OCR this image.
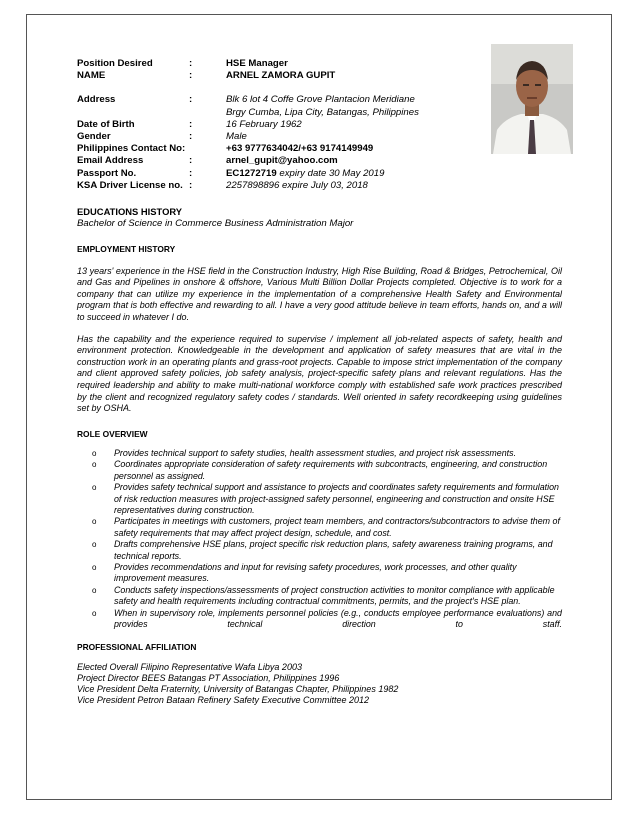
Position Desired	:	HSE Manager
NAME	:	ARNEL ZAMORA GUPIT
Address	:	Blk 6 lot 4 Coffe Grove Plantacion Meridiane
Brgy Cumba, Lipa City, Batangas, Philippines
Date of Birth	:	16 February 1962
Gender	:	Male
Philippines Contact No:	+63 9777634042/+63 9174149949
Email Address	:	arnel_gupit@yahoo.com
Passport No.	:	EC1272719 expiry date 30 May 2019
KSA Driver License no. :	2257898896 expire July 03, 2018
EDUCATIONS HISTORY
Bachelor of Science in Commerce Business Administration Major
EMPLOYMENT HISTORY
13 years' experience in the HSE field in the Construction Industry, High Rise Building, Road & Bridges, Petrochemical, Oil and Gas and Pipelines in onshore & offshore, Various Multi Billion Dollar Projects completed. Objective is to work for a company that can utilize my experience in the implementation of a comprehensive Health Safety and Environmental program that is both effective and rewarding to all. I have a very good attitude believe in team efforts, hands on, and a will to succeed in whatever I do.
Has the capability and the experience required to supervise / implement all job-related aspects of safety, health and environment protection. Knowledgeable in the development and application of safety measures that are vital in the construction work in an operating plants and grass-root projects. Capable to impose strict implementation of the company and client approved safety policies, job safety analysis, project-specific safety plans and relevant regulations. Has the required leadership and ability to make multi-national workforce comply with established safe work practices prescribed by the client and recognized regulatory safety codes / standards. Well oriented in safety recordkeeping using guidelines set by OSHA.
ROLE OVERVIEW
o Provides technical support to safety studies, health assessment studies, and project risk assessments.
o Coordinates appropriate consideration of safety requirements with subcontracts, engineering, and construction personnel as assigned.
o Provides safety technical support and assistance to projects and coordinates safety requirements and formulation of risk reduction measures with project-assigned safety personnel, engineering and construction and onsite HSE representatives during construction.
o Participates in meetings with customers, project team members, and contractors/subcontractors to advise them of safety requirements that may affect project design, schedule, and cost.
o Drafts comprehensive HSE plans, project specific risk reduction plans, safety awareness training programs, and technical reports.
o Provides recommendations and input for revising safety procedures, work processes, and other quality improvement measures.
o Conducts safety inspections/assessments of project construction activities to monitor compliance with applicable safety and health requirements including contractual commitments, permits, and the project's HSE plan.
o When in supervisory role, implements personnel policies (e.g., conducts employee performance evaluations) and provides technical direction to staff.
PROFESSIONAL AFFILIATION
Elected Overall Filipino Representative Wafa Libya 2003
Project Director BEES Batangas PT Association, Philippines 1996
Vice President Delta Fraternity, University of Batangas Chapter, Philippines 1982
Vice President Petron Bataan Refinery Safety Executive Committee 2012
